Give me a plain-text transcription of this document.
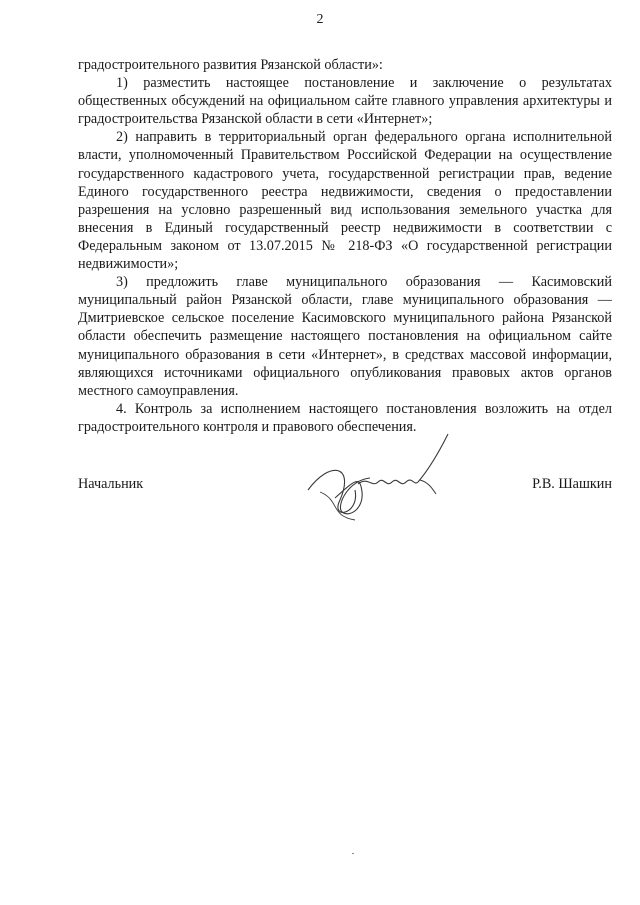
2

градостроительного развития Рязанской области»:

1) разместить настоящее постановление и заключение о результатах общественных обсуждений на официальном сайте главного управления архитектуры и градостроительства Рязанской области в сети «Интернет»;

2) направить в территориальный орган федерального органа исполнительной власти, уполномоченный Правительством Российской Федерации на осуществление государственного кадастрового учета, государственной регистрации прав, ведение Единого государственного реестра недвижимости, сведения о предоставлении разрешения на условно разрешенный вид использования земельного участка для внесения в Единый государственный реестр недвижимости в соответствии с Федеральным законом от 13.07.2015 № 218-ФЗ «О государственной регистрации недвижимости»;

3) предложить главе муниципального образования — Касимовский муниципальный район Рязанской области, главе муниципального образования — Дмитриевское сельское поселение Касимовского муниципального района Рязанской области обеспечить размещение настоящего постановления на официальном сайте муниципального образования в сети «Интернет», в средствах массовой информации, являющихся источниками официального опубликования правовых актов органов местного самоуправления.

4. Контроль за исполнением настоящего постановления возложить на отдел градостроительного контроля и правового обеспечения.

Начальник	Р.В. Шашкин
